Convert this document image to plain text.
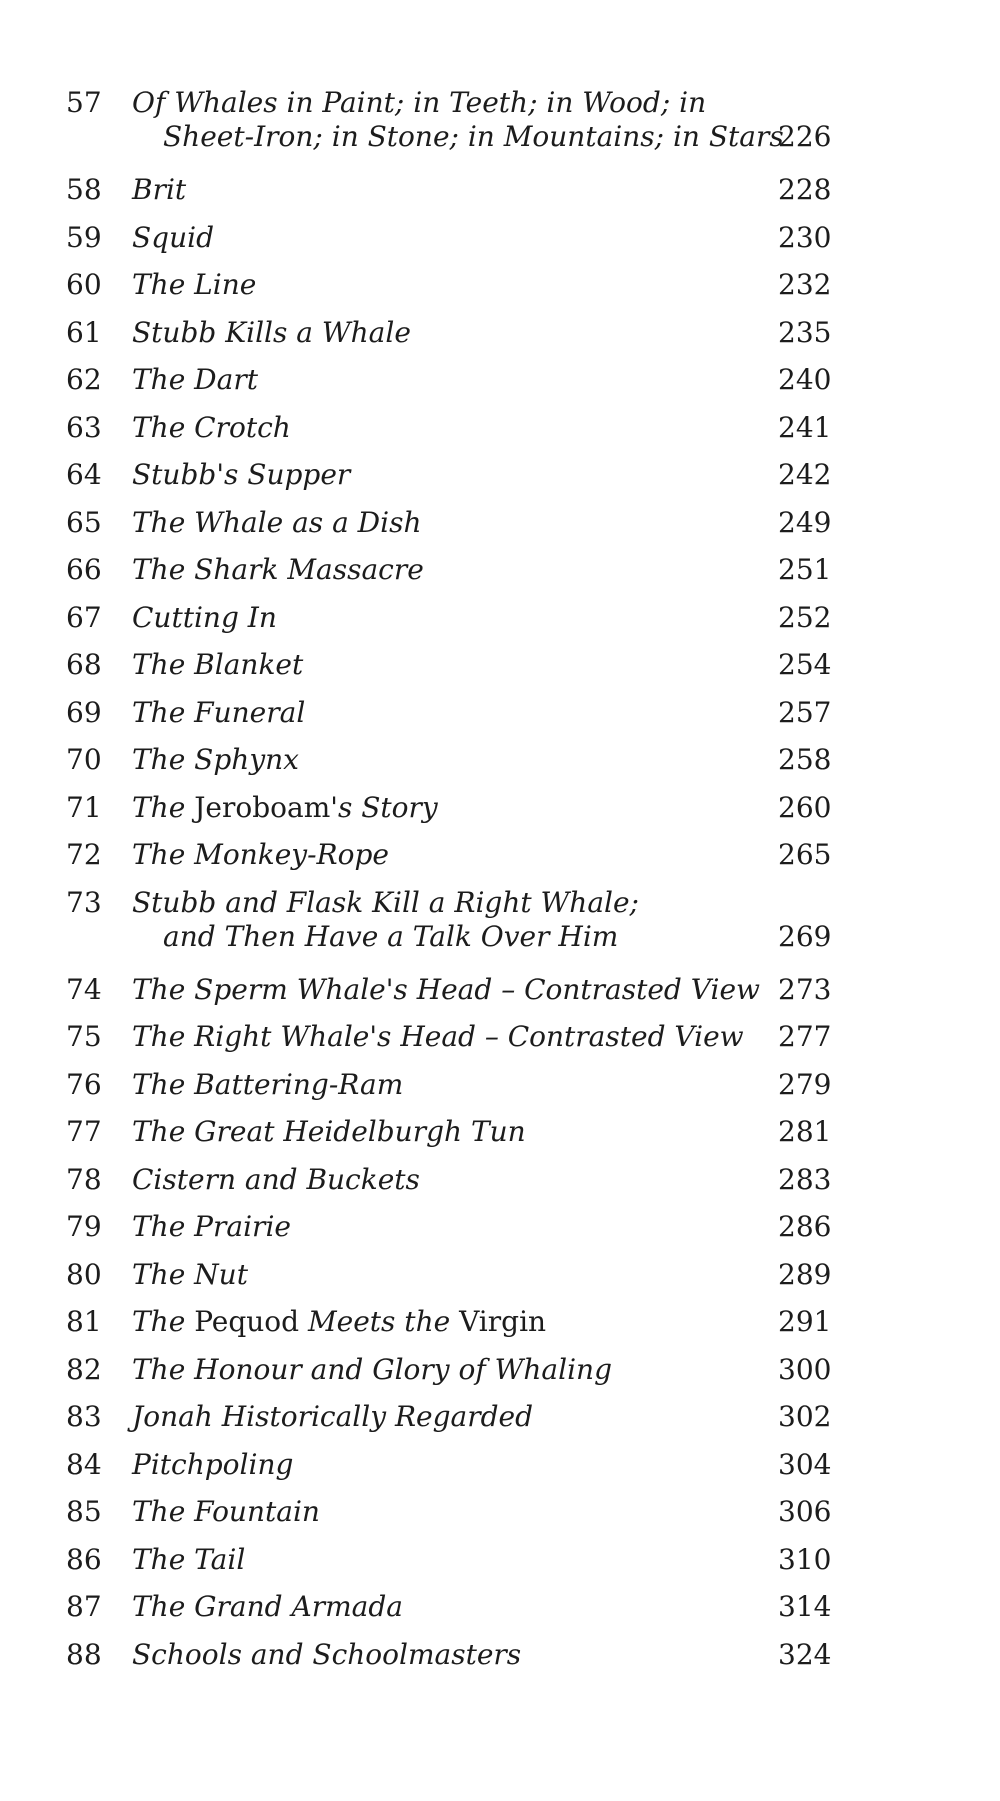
57	Of Whales in Paint; in Teeth; in Wood; in
Sheet-Iron; in Stone; in Mountains; in Stars
226
58	Brit	228
59	Squid	230
60	The Line	232
61	Stubb Kills a Whale	235
62	The Dart	240
63	The Crotch	241
64	Stubb's Supper	242
65	The Whale as a Dish	249
66	The Shark Massacre	251
67	Cutting In	252
68	The Blanket	254
69	The Funeral	257
70	The Sphynx	258
71	The Jeroboam's Story	260
72	The Monkey-Rope	265
73	Stubb and Flask Kill a Right Whale;
and Then Have a Talk Over Him	269
74	The Sperm Whale's Head – Contrasted View 273
75	The Right Whale's Head – Contrasted View 277
76	The Battering-Ram	279
77	The Great Heidelburgh Tun	281
78	Cistern and Buckets	283
79	The Prairie	286
80	The Nut	289
81	The Pequod Meets the Virgin	291
82	The Honour and Glory of Whaling	300
83	Jonah Historically Regarded	302
84	Pitchpoling	304
85	The Fountain	306
86	The Tail	310
87	The Grand Armada	314
88	Schools and Schoolmasters	324
